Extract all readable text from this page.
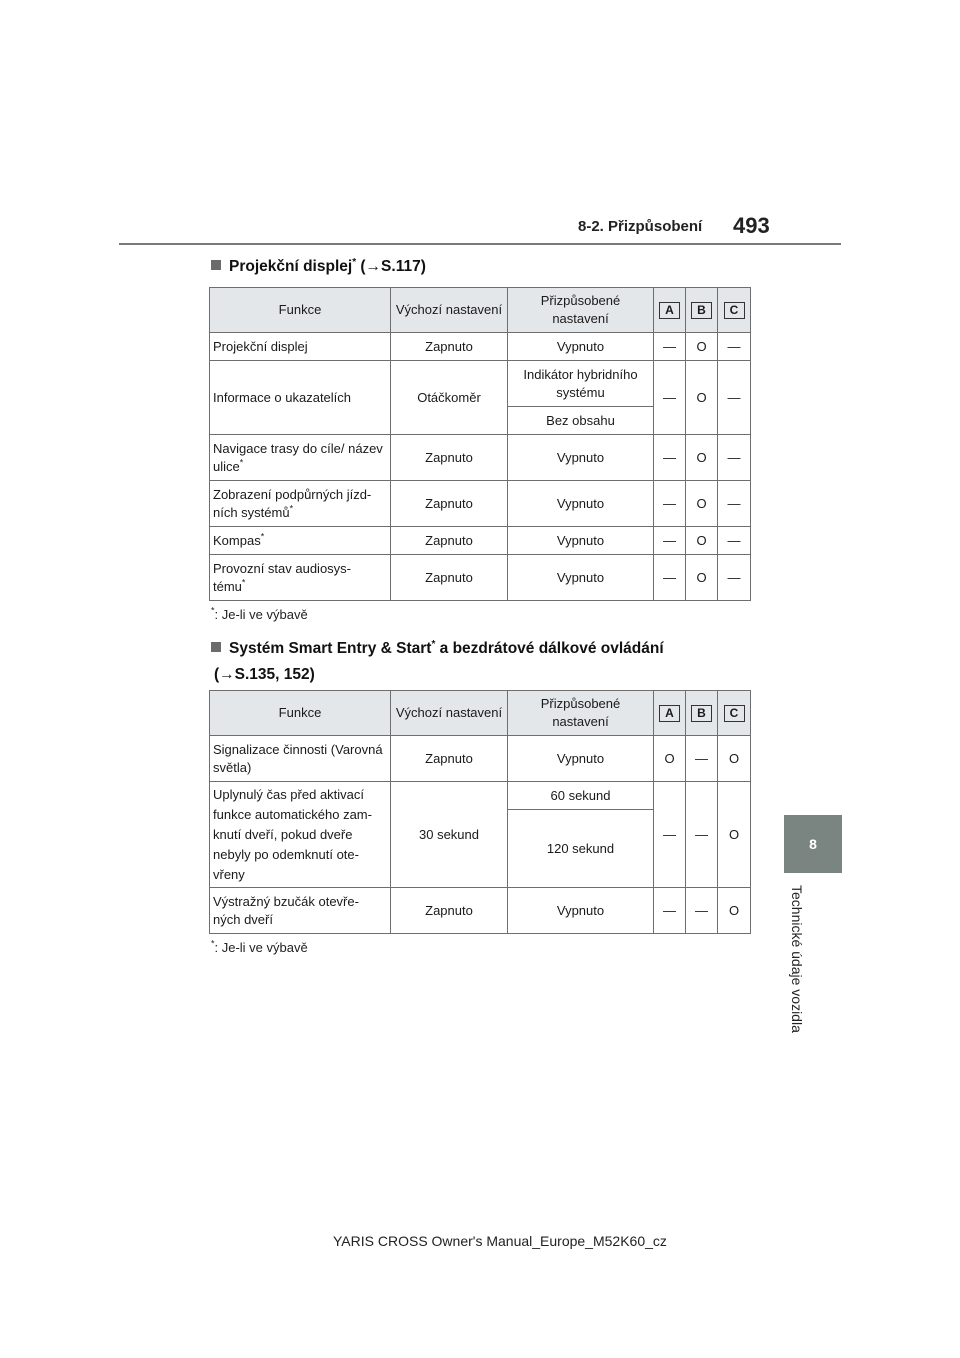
8-2. Přizpůsobení 493
8
Technické údaje vozidla
Projekční displej* (→S.117)
Funkce	Výchozí nastavení	Přizpůsobené nastavení	A	B	C
Projekční displej	Zapnuto	Vypnuto	—	O	—
Informace o ukazatelích	Otáčkoměr	Indikátor hybridního systému	—	O	—
		Bez obsahu			
Navigace trasy do cíle/ název ulice*	Zapnuto	Vypnuto	—	O	—
Zobrazení podpůrných jízd- ních systémů*	Zapnuto	Vypnuto	—	O	—
Kompas*	Zapnuto	Vypnuto	—	O	—
Provozní stav audiosys- tému*	Zapnuto	Vypnuto	—	O	—
*: Je-li ve výbavě
Systém Smart Entry & Start* a bezdrátové dálkové ovládání
(→S.135, 152)
Funkce	Výchozí nastavení	Přizpůsobené nastavení	A	B	C
Signalizace činnosti (Varovná světla)	Zapnuto	Vypnuto	O	—	O
Uplynulý čas před aktivací funkce automatického zam- knutí dveří, pokud dveře nebyly po odemknutí ote- vřeny	30 sekund	60 sekund	—	—	O
		120 sekund			
Výstražný bzučák otevře- ných dveří	Zapnuto	Vypnuto	—	—	O
*: Je-li ve výbavě
YARIS CROSS Owner's Manual_Europe_M52K60_cz
